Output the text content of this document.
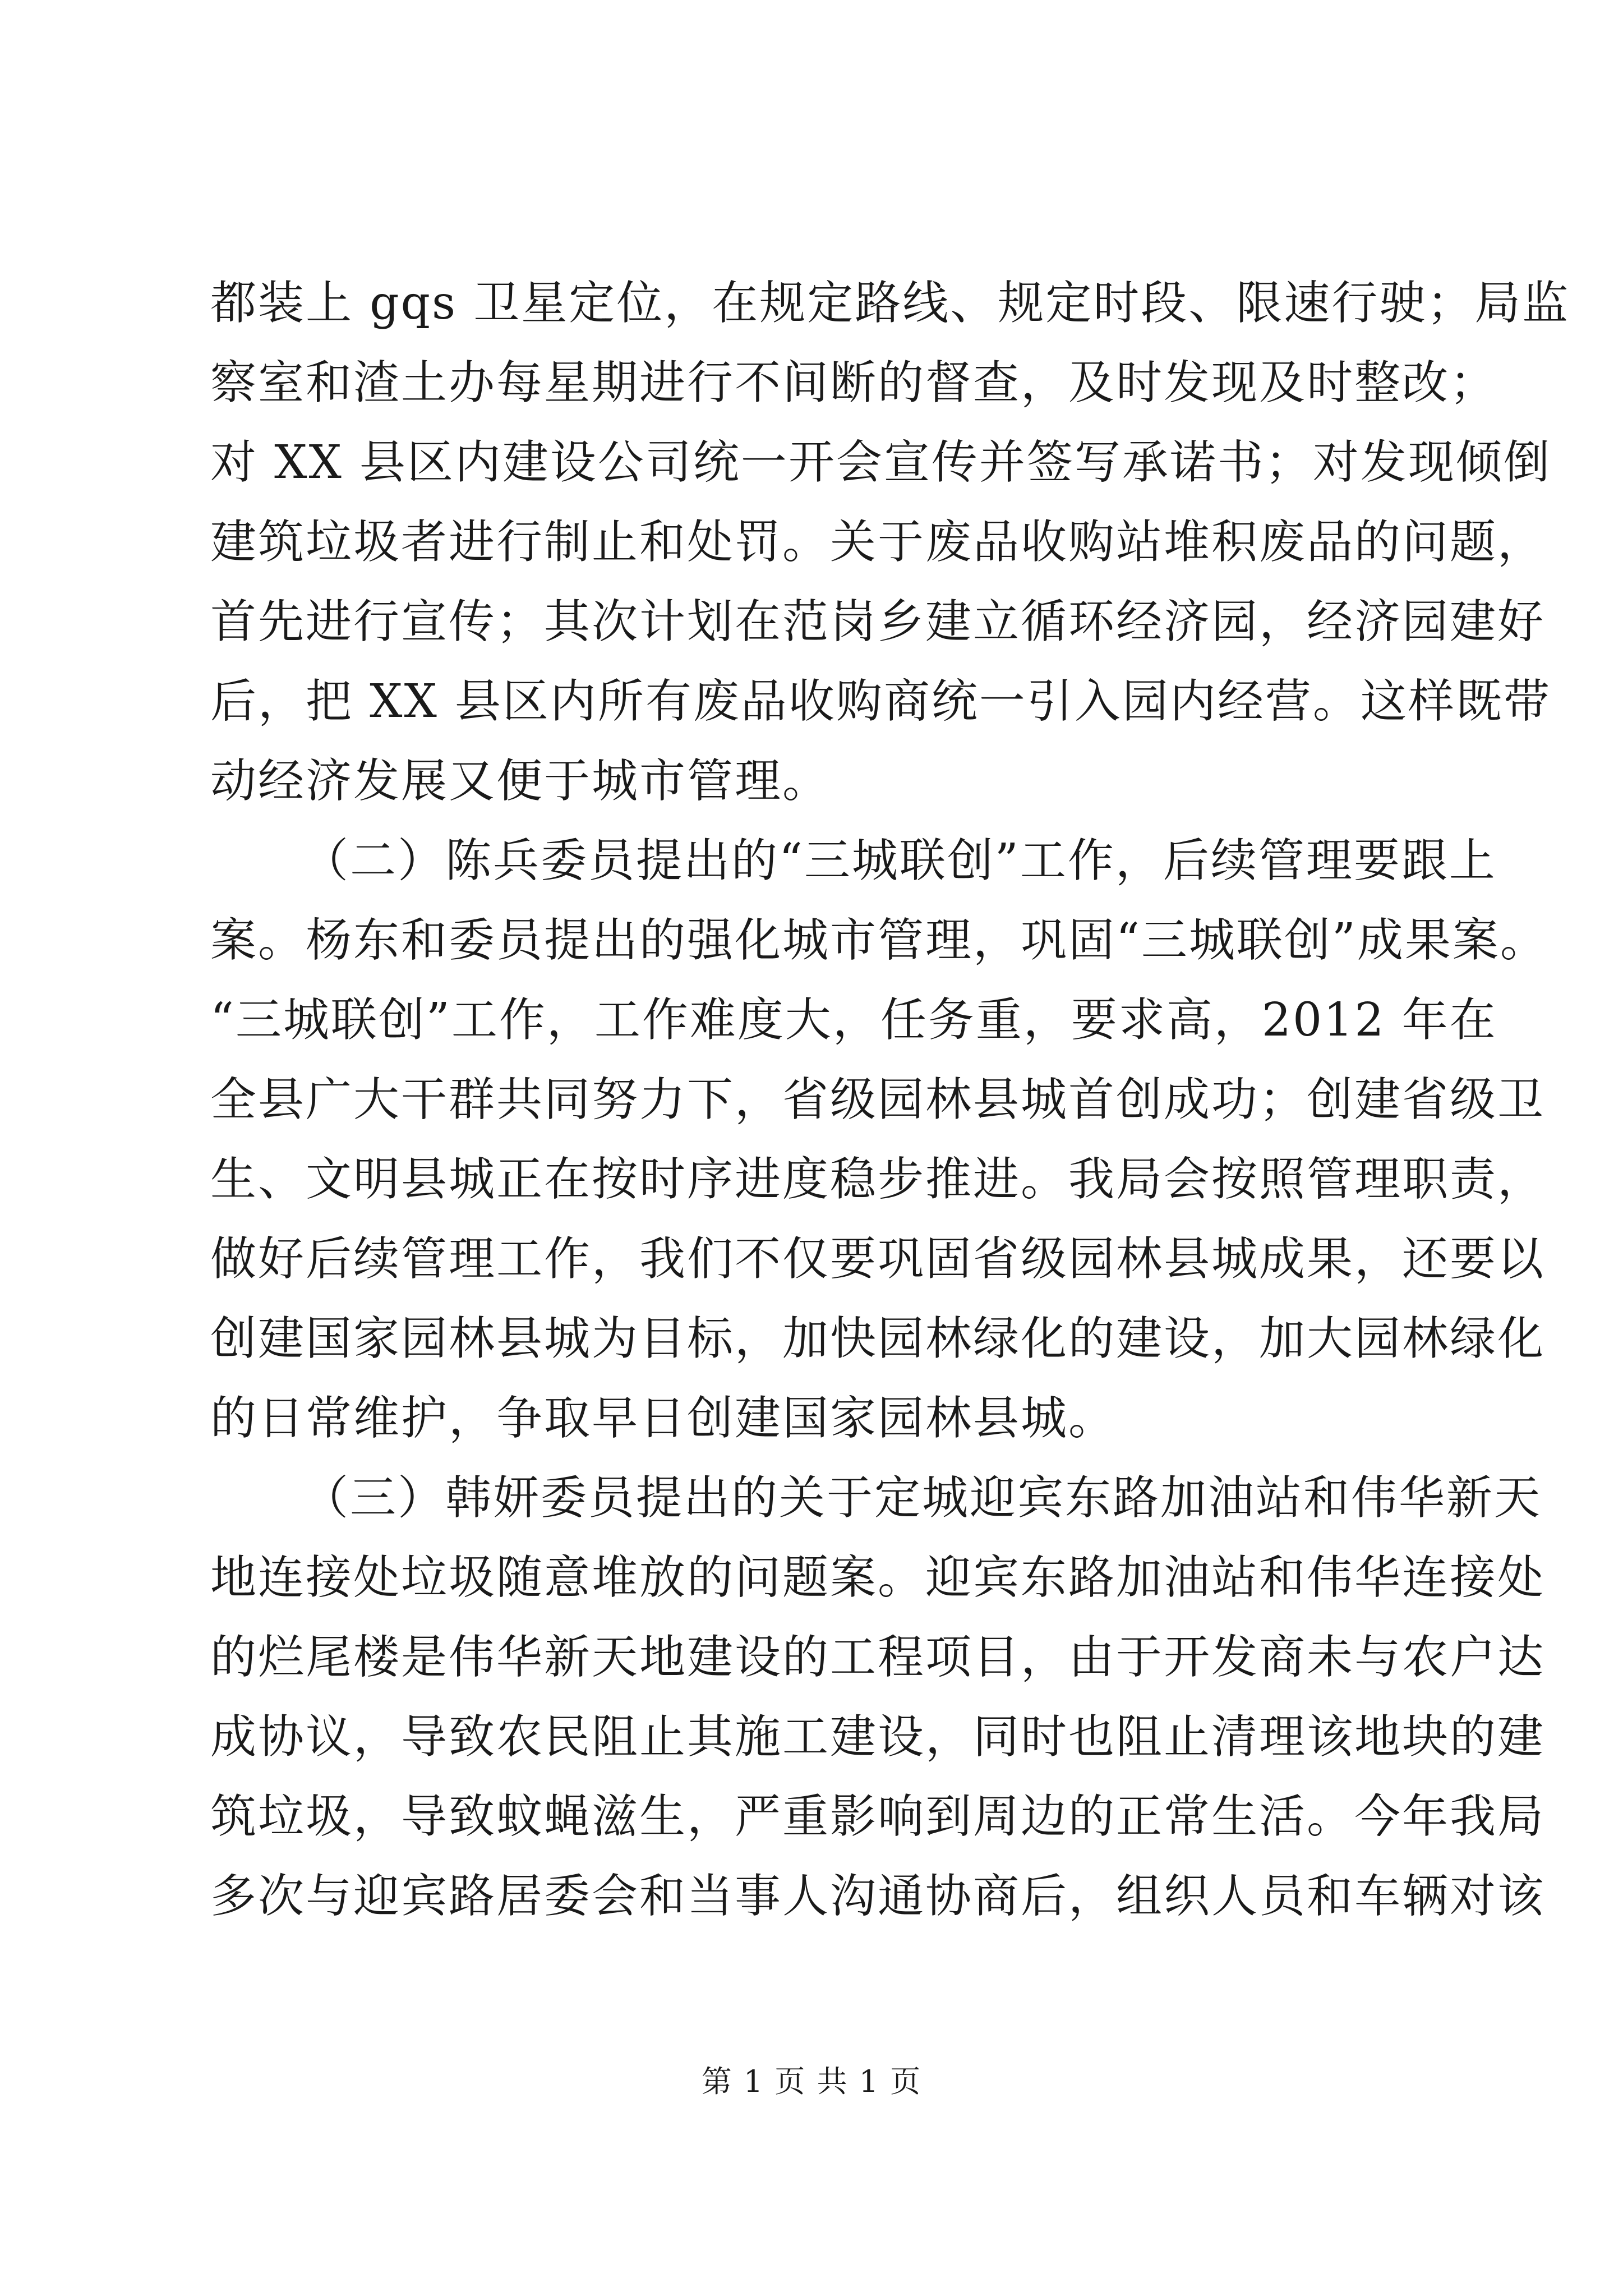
都装上 gqs 卫星定位，在规定路线、规定时段、限速行驶；局监
察室和渣土办每星期进行不间断的督查，及时发现及时整改；
对 XX 县区内建设公司统一开会宣传并签写承诺书；对发现倾倒
建筑垃圾者进行制止和处罚。关于废品收购站堆积废品的问题，
首先进行宣传；其次计划在范岗乡建立循环经济园，经济园建好
后，把 XX 县区内所有废品收购商统一引入园内经营。这样既带
动经济发展又便于城市管理。

（二）陈兵委员提出的“三城联创”工作，后续管理要跟上
案。杨东和委员提出的强化城市管理，巩固“三城联创”成果案。
“三城联创”工作，工作难度大，任务重，要求高，2012 年在
全县广大干群共同努力下，省级园林县城首创成功；创建省级卫
生、文明县城正在按时序进度稳步推进。我局会按照管理职责，
做好后续管理工作，我们不仅要巩固省级园林县城成果，还要以
创建国家园林县城为目标，加快园林绿化的建设，加大园林绿化
的日常维护，争取早日创建国家园林县城。

（三）韩妍委员提出的关于定城迎宾东路加油站和伟华新天
地连接处垃圾随意堆放的问题案。迎宾东路加油站和伟华连接处
的烂尾楼是伟华新天地建设的工程项目，由于开发商未与农户达
成协议，导致农民阻止其施工建设，同时也阻止清理该地块的建
筑垃圾，导致蚊蝇滋生，严重影响到周边的正常生活。今年我局
多次与迎宾路居委会和当事人沟通协商后，组织人员和车辆对该

第 1 页 共 1 页
